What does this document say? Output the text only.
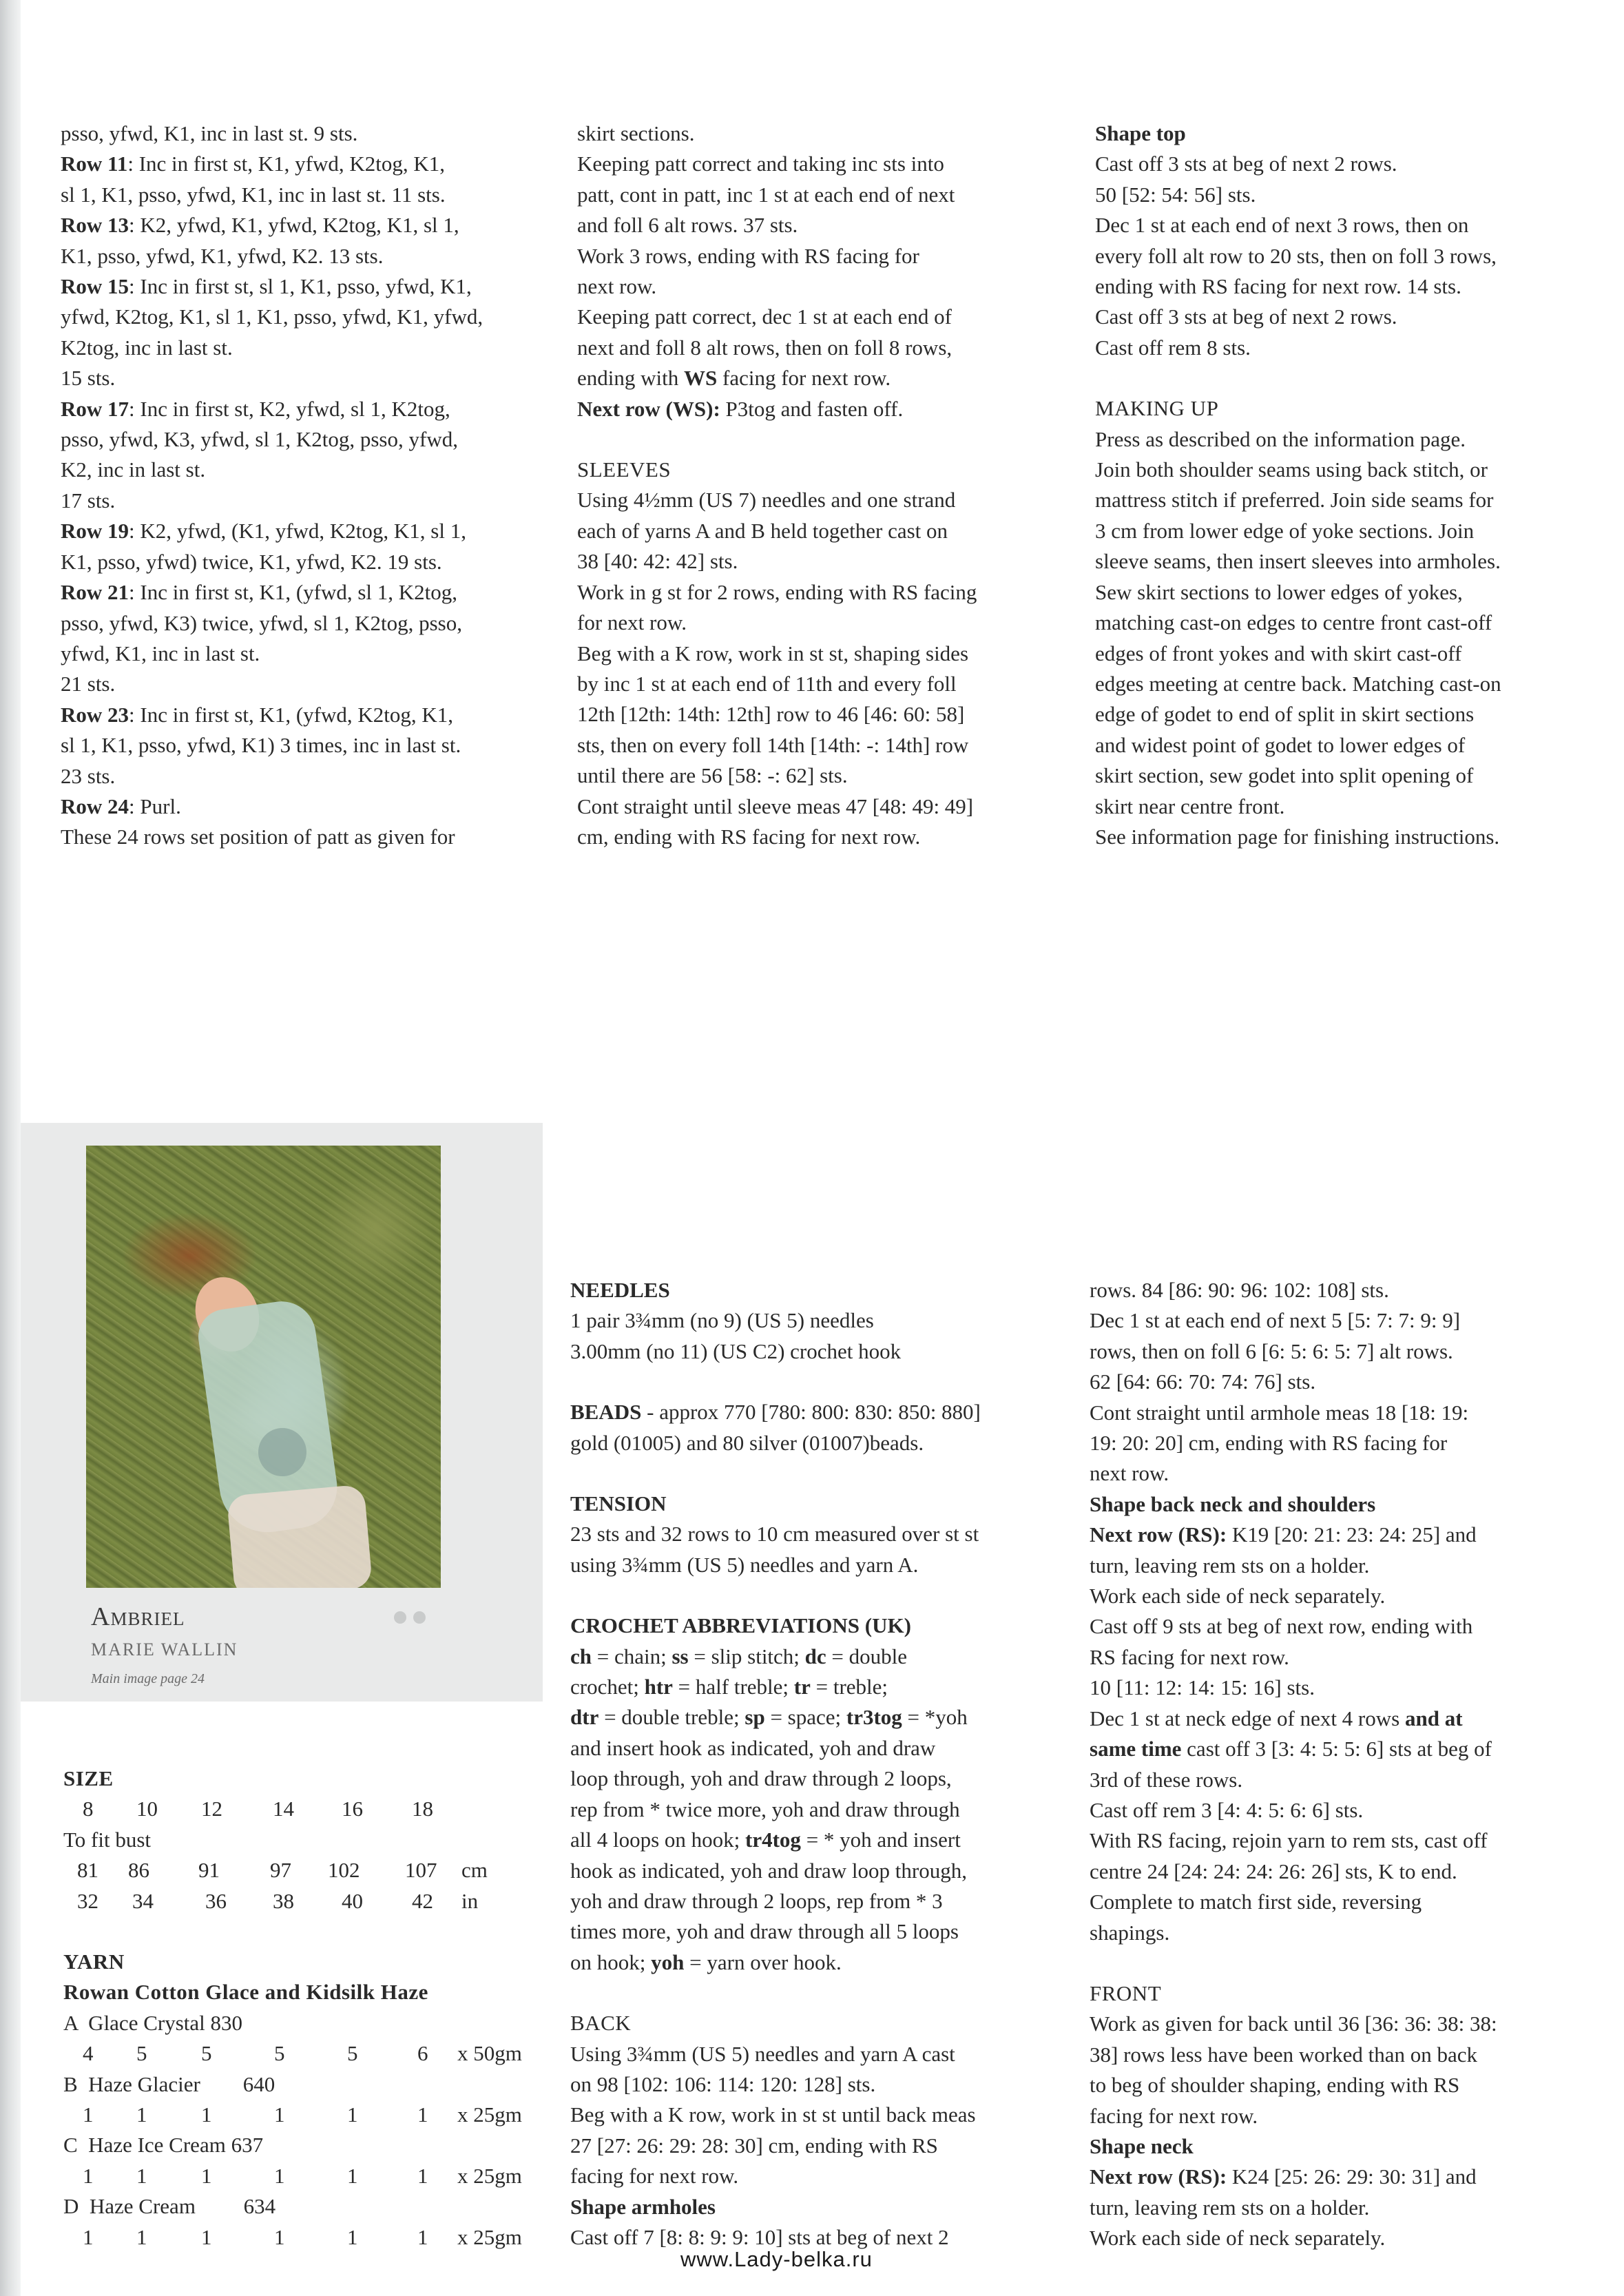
psso, yfwd, K1, inc in last st. 9 sts.

Row 11: Inc in first st, K1, yfwd, K2tog, K1,

sl 1, K1, psso, yfwd, K1, inc in last st. 11 sts.

Row 13: K2, yfwd, K1, yfwd, K2tog, K1, sl 1,

K1, psso, yfwd, K1, yfwd, K2. 13 sts.

Row 15: Inc in first st, sl 1, K1, psso, yfwd, K1,

yfwd, K2tog, K1, sl 1, K1, psso, yfwd, K1, yfwd,

K2tog, inc in last st.

15 sts.

Row 17: Inc in first st, K2, yfwd, sl 1, K2tog,

psso, yfwd, K3, yfwd, sl 1, K2tog, psso, yfwd,

K2, inc in last st.

17 sts.

Row 19: K2, yfwd, (K1, yfwd, K2tog, K1, sl 1,

K1, psso, yfwd) twice, K1, yfwd, K2. 19 sts.

Row 21: Inc in first st, K1, (yfwd, sl 1, K2tog,

psso, yfwd, K3) twice, yfwd, sl 1, K2tog, psso,

yfwd, K1, inc in last st.

21 sts.

Row 23: Inc in first st, K1, (yfwd, K2tog, K1,

sl 1, K1, psso, yfwd, K1) 3 times, inc in last st.

23 sts.

Row 24: Purl.

These 24 rows set position of patt as given for

skirt sections.

Keeping patt correct and taking inc sts into

patt, cont in patt, inc 1 st at each end of next

and foll 6 alt rows. 37 sts.

Work 3 rows, ending with RS facing for

next row.

Keeping patt correct, dec 1 st at each end of

next and foll 8 alt rows, then on foll 8 rows,

ending with WS facing for next row.

Next row (WS): P3tog and fasten off.

SLEEVES

Using 4½mm (US 7) needles and one strand

each of yarns A and B held together cast on

38 [40: 42: 42] sts.

Work in g st for 2 rows, ending with RS facing

for next row.

Beg with a K row, work in st st, shaping sides

by inc 1 st at each end of 11th and every foll

12th [12th: 14th: 12th] row to 46 [46: 60: 58]

sts, then on every foll 14th [14th: -: 14th] row

until there are 56 [58: -: 62] sts.

Cont straight until sleeve meas 47 [48: 49: 49]

cm, ending with RS facing for next row.

Shape top

Cast off 3 sts at beg of next 2 rows.

50 [52: 54: 56] sts.

Dec 1 st at each end of next 3 rows, then on

every foll alt row to 20 sts, then on foll 3 rows,

ending with RS facing for next row. 14 sts.

Cast off 3 sts at beg of next 2 rows.

Cast off rem 8 sts.

MAKING UP

Press as described on the information page.

Join both shoulder seams using back stitch, or

mattress stitch if preferred. Join side seams for

3 cm from lower edge of yoke sections. Join

sleeve seams, then insert sleeves into armholes.

Sew skirt sections to lower edges of yokes,

matching cast-on edges to centre front cast-off

edges of front yokes and with skirt cast-off

edges meeting at centre back. Matching cast-on

edge of godet to end of split in skirt sections

and widest point of godet to lower edges of

skirt section, sew godet into split opening of

skirt near centre front.

See information page for finishing instructions.

Ambriel
MARIE WALLIN
Main image page 24

SIZE

8 10 12 14 16 18

To fit bust

81 86 91 97 102 107 cm
32 34 36 38 40 42 in

YARN

Rowan Cotton Glace and Kidsilk Haze

A  Glace Crystal 830

4 5	5	5	5	6 x 50gm

B  Haze Glacier        640

1 1	1	1	1	1 x 25gm

C  Haze Ice Cream 637

1 1	1	1	1	1 x 25gm

D  Haze Cream         634

1 1	1	1	1	1 x 25gm

NEEDLES

1 pair 3¾mm (no 9) (US 5) needles

3.00mm (no 11) (US C2) crochet hook

BEADS - approx 770 [780: 800: 830: 850: 880]

gold (01005) and 80 silver (01007)beads.

TENSION

23 sts and 32 rows to 10 cm measured over st st

using 3¾mm (US 5) needles and yarn A.

CROCHET ABBREVIATIONS (UK)

ch = chain; ss = slip stitch; dc = double

crochet; htr = half treble; tr = treble;

dtr = double treble; sp = space; tr3tog = *yoh

and insert hook as indicated, yoh and draw

loop through, yoh and draw through 2 loops,

rep from * twice more, yoh and draw through

all 4 loops on hook; tr4tog = * yoh and insert

hook as indicated, yoh and draw loop through,

yoh and draw through 2 loops, rep from * 3

times more, yoh and draw through all 5 loops

on hook; yoh = yarn over hook.

BACK

Using 3¾mm (US 5) needles and yarn A cast

on 98 [102: 106: 114: 120: 128] sts.

Beg with a K row, work in st st until back meas

27 [27: 26: 29: 28: 30] cm, ending with RS

facing for next row.

Shape armholes

Cast off 7 [8: 8: 9: 9: 10] sts at beg of next 2

rows. 84 [86: 90: 96: 102: 108] sts.

Dec 1 st at each end of next 5 [5: 7: 7: 9: 9]

rows, then on foll 6 [6: 5: 6: 5: 7] alt rows.

62 [64: 66: 70: 74: 76] sts.

Cont straight until armhole meas 18 [18: 19:

19: 20: 20] cm, ending with RS facing for

next row.

Shape back neck and shoulders

Next row (RS): K19 [20: 21: 23: 24: 25] and

turn, leaving rem sts on a holder.

Work each side of neck separately.

Cast off 9 sts at beg of next row, ending with

RS facing for next row.

10 [11: 12: 14: 15: 16] sts.

Dec 1 st at neck edge of next 4 rows and at

same time cast off 3 [3: 4: 5: 5: 6] sts at beg of

3rd of these rows.

Cast off rem 3 [4: 4: 5: 6: 6] sts.

With RS facing, rejoin yarn to rem sts, cast off

centre 24 [24: 24: 24: 26: 26] sts, K to end.

Complete to match first side, reversing

shapings.

FRONT

Work as given for back until 36 [36: 36: 38: 38:

38] rows less have been worked than on back

to beg of shoulder shaping, ending with RS

facing for next row.

Shape neck

Next row (RS): K24 [25: 26: 29: 30: 31] and

turn, leaving rem sts on a holder.

Work each side of neck separately.

www.Lady-belka.ru
